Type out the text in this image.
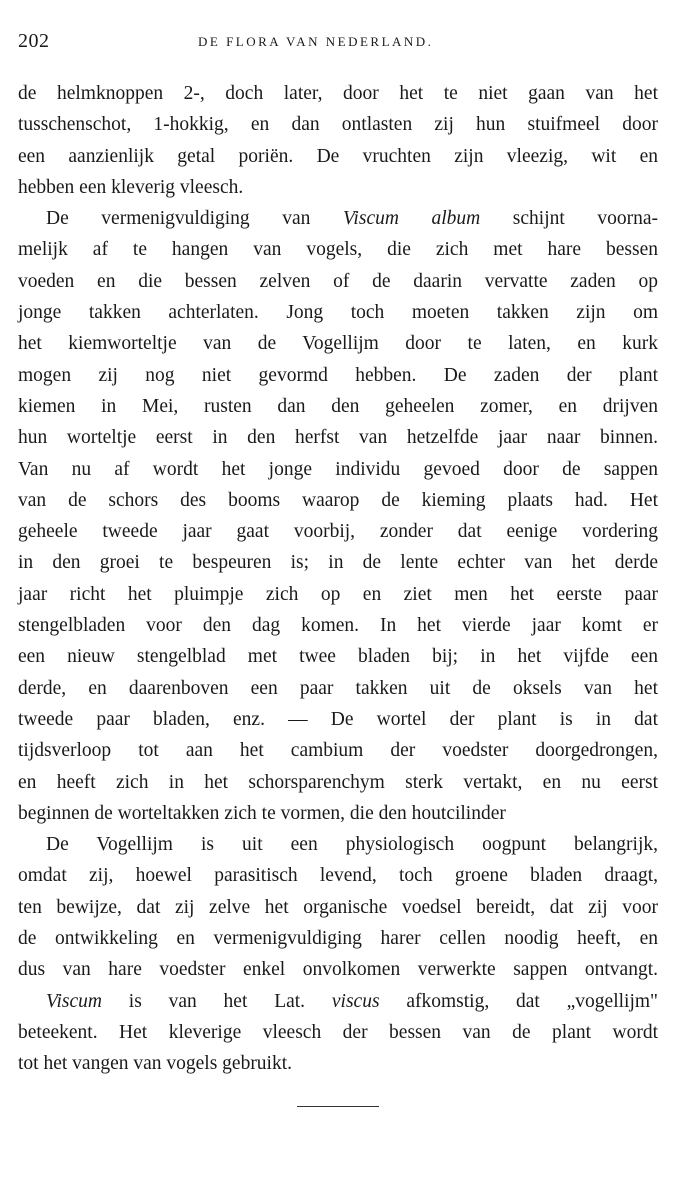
202	DE FLORA VAN NEDERLAND.

de helmknoppen 2-, doch later, door het te niet gaan van het
tusschenschot, 1-hokkig, en dan ontlasten zij hun stuifmeel door
een aanzienlijk getal poriën. De vruchten zijn vleezig, wit en
hebben een kleverig vleesch.

De vermenigvuldiging van Viscum album schijnt voorna-
melijk af te hangen van vogels, die zich met hare bessen
voeden en die bessen zelven of de daarin vervatte zaden op
jonge takken achterlaten. Jong toch moeten takken zijn om
het kiemworteltje van de Vogellijm door te laten, en kurk
mogen zij nog niet gevormd hebben. De zaden der plant
kiemen in Mei, rusten dan den geheelen zomer, en drijven
hun worteltje eerst in den herfst van hetzelfde jaar naar binnen.
Van nu af wordt het jonge individu gevoed door de sappen
van de schors des booms waarop de kieming plaats had. Het
geheele tweede jaar gaat voorbij, zonder dat eenige vordering
in den groei te bespeuren is; in de lente echter van het derde
jaar richt het pluimpje zich op en ziet men het eerste paar
stengelbladen voor den dag komen. In het vierde jaar komt er
een nieuw stengelblad met twee bladen bij; in het vijfde een
derde, en daarenboven een paar takken uit de oksels van het
tweede paar bladen, enz. — De wortel der plant is in dat
tijdsverloop tot aan het cambium der voedster doorgedrongen,
en heeft zich in het schorsparenchym sterk vertakt, en nu eerst
beginnen de worteltakken zich te vormen, die den houtcilinder

De Vogellijm is uit een physiologisch oogpunt belangrijk,
omdat zij, hoewel parasitisch levend, toch groene bladen draagt,
ten bewijze, dat zij zelve het organische voedsel bereidt, dat zij voor
de ontwikkeling en vermenigvuldiging harer cellen noodig heeft, en
dus van hare voedster enkel onvolkomen verwerkte sappen ontvangt.

Viscum is van het Lat. viscus afkomstig, dat „vogellijm"
beteekent. Het kleverige vleesch der bessen van de plant wordt
tot het vangen van vogels gebruikt.
